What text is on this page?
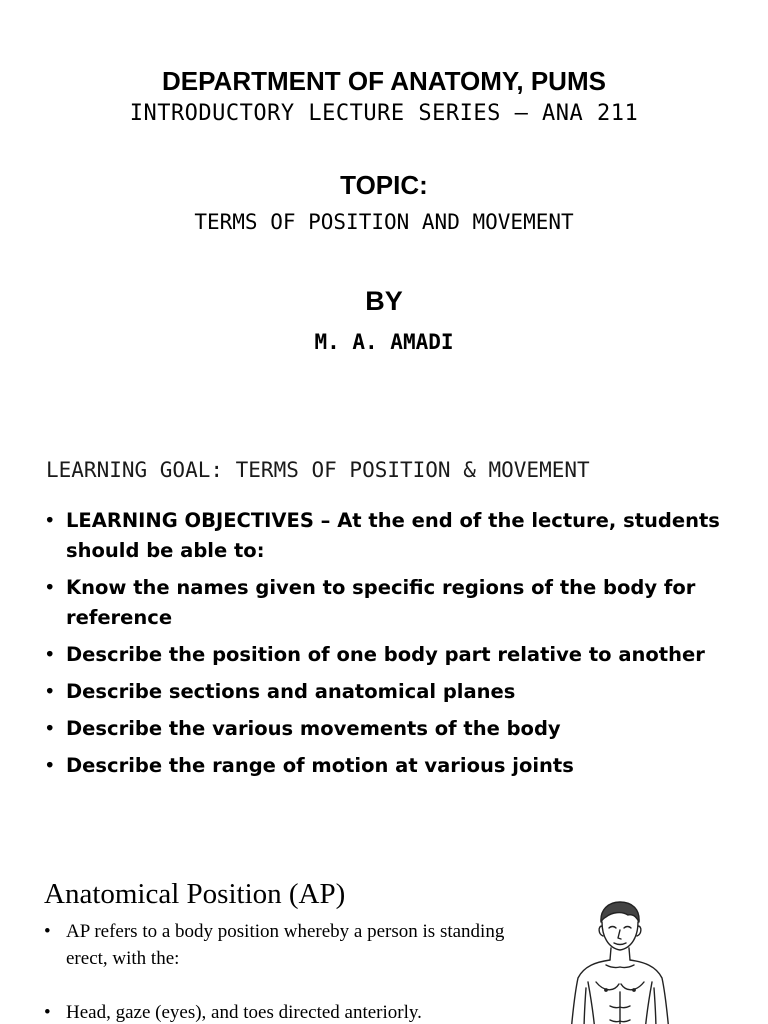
DEPARTMENT OF ANATOMY, PUMS
INTRODUCTORY LECTURE SERIES – ANA 211
TOPIC:
TERMS OF POSITION AND MOVEMENT
BY
M. A. AMADI
LEARNING GOAL: TERMS OF POSITION & MOVEMENT
• LEARNING OBJECTIVES – At the end of the lecture, students should be able to:
• Know the names given to specific regions of the body for reference
• Describe the position of one body part relative to another
• Describe sections and anatomical planes
• Describe the various movements of the body
• Describe the range of motion at various joints
Anatomical Position (AP)
• AP refers to a body position whereby a person is standing erect, with the:
• Head, gaze (eyes), and toes directed anteriorly.
